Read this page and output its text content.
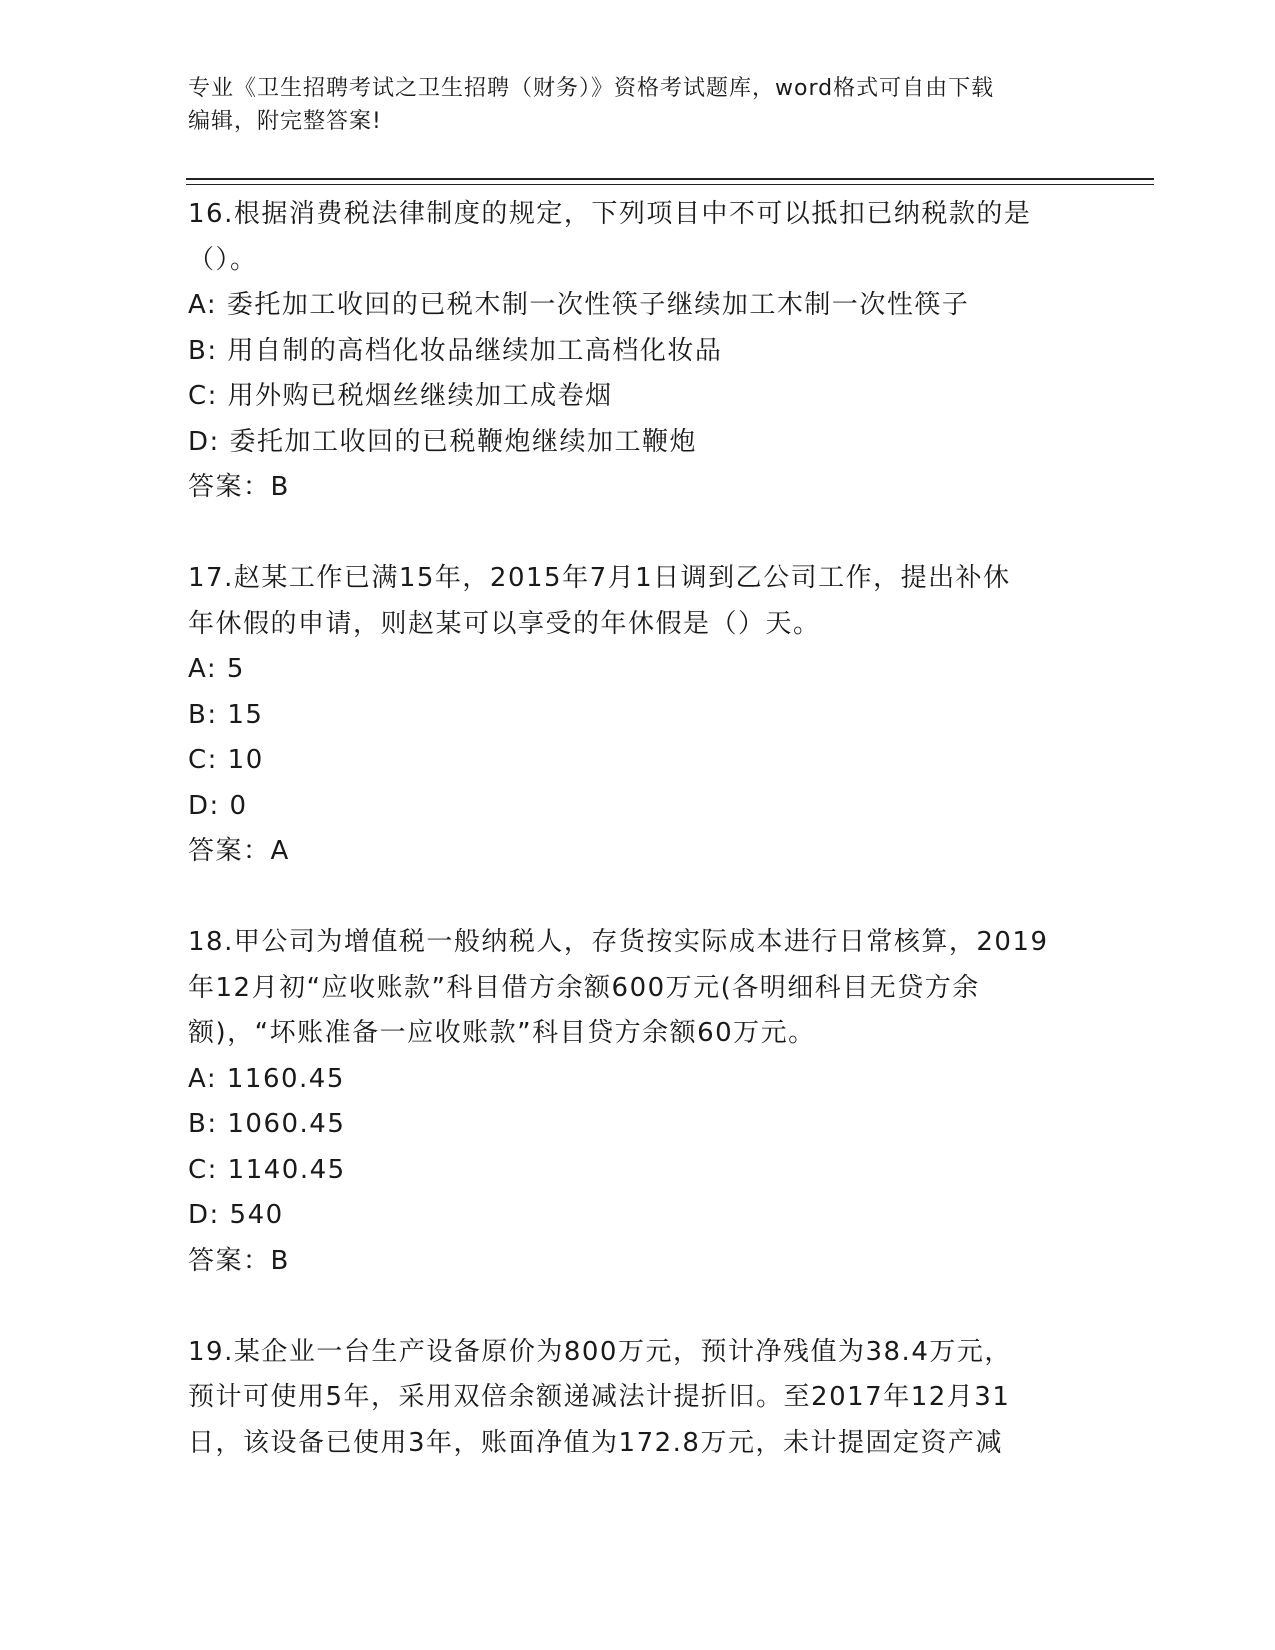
专业《卫生招聘考试之卫生招聘（财务）》资格考试题库，word格式可自由下载
编辑，附完整答案!
16.根据消费税法律制度的规定，下列项目中不可以抵扣已纳税款的是
（）。
A: 委托加工收回的已税木制一次性筷子继续加工木制一次性筷子
B: 用自制的高档化妆品继续加工高档化妆品
C: 用外购已税烟丝继续加工成卷烟
D: 委托加工收回的已税鞭炮继续加工鞭炮
答案：B
17.赵某工作已满15年，2015年7月1日调到乙公司工作，提出补休
年休假的申请，则赵某可以享受的年休假是（）天。
A: 5
B: 15
C: 10
D: 0
答案：A
18.甲公司为增值税一般纳税人，存货按实际成本进行日常核算，2019
年12月初“应收账款”科目借方余额600万元(各明细科目无贷方余
额)，“坏账准备一应收账款”科目贷方余额60万元。
A: 1160.45
B: 1060.45
C: 1140.45
D: 540
答案：B
19.某企业一台生产设备原价为800万元，预计净残值为38.4万元，
预计可使用5年，采用双倍余额递减法计提折旧。至2017年12月31
日，该设备已使用3年，账面净值为172.8万元，未计提固定资产减
